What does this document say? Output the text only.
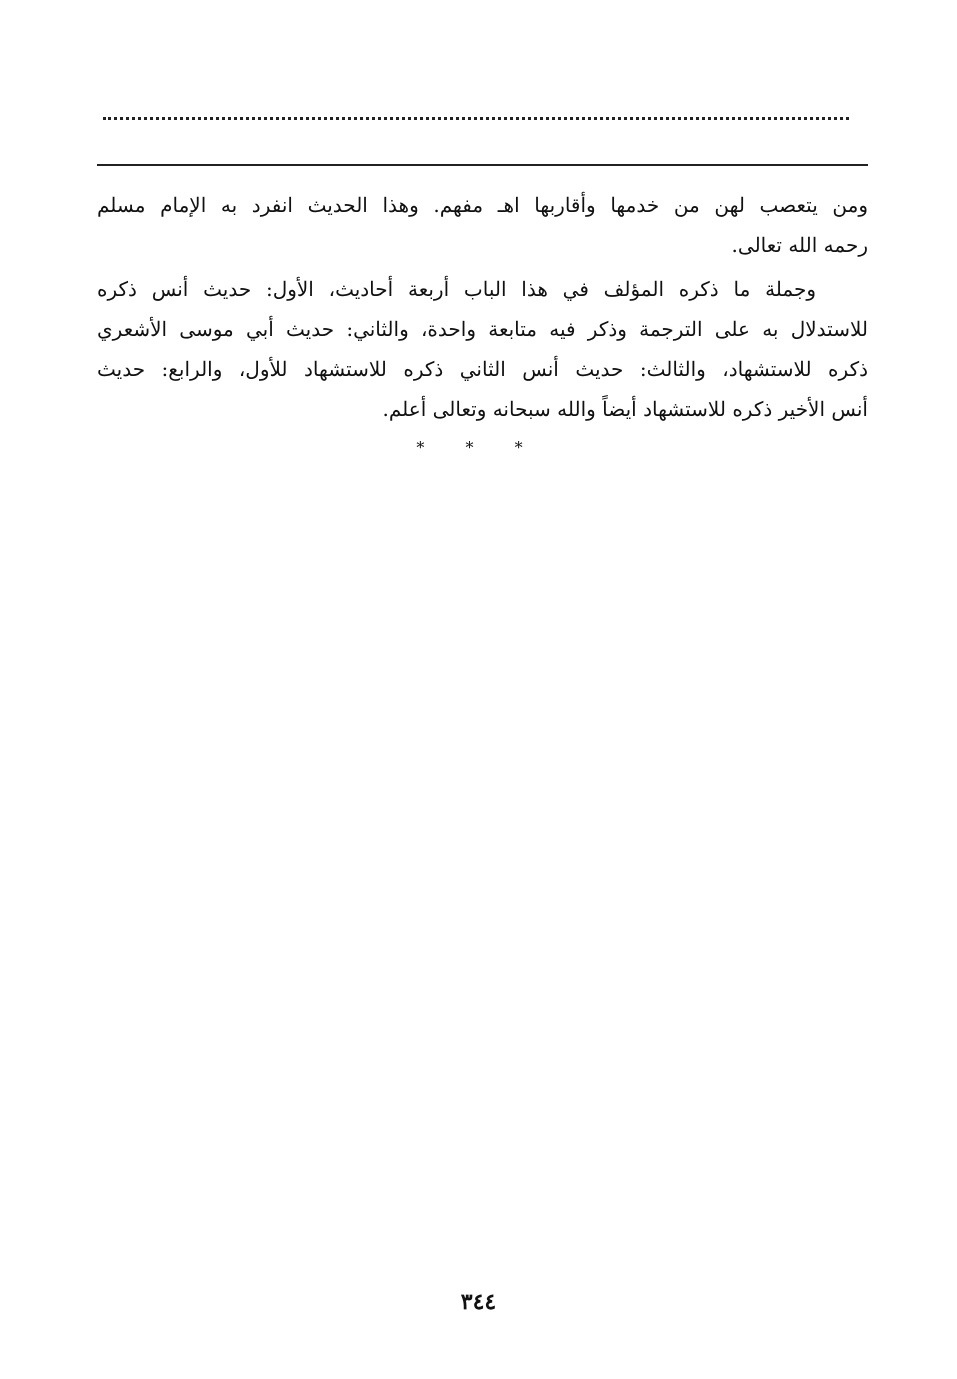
ومن يتعصب لهن من خدمها وأقاربها اهـ مفهم. وهذا الحديث انفرد به الإمام مسلم
رحمه الله تعالى.
وجملة ما ذكره المؤلف في هذا الباب أربعة أحاديث، الأول: حديث أنس ذكره
للاستدلال به على الترجمة وذكر فيه متابعة واحدة، والثاني: حديث أبي موسى الأشعري
ذكره للاستشهاد، والثالث: حديث أنس الثاني ذكره للاستشهاد للأول، والرابع: حديث
أنس الأخير ذكره للاستشهاد أيضاً والله سبحانه وتعالى أعلم.
* * *
٣٤٤
